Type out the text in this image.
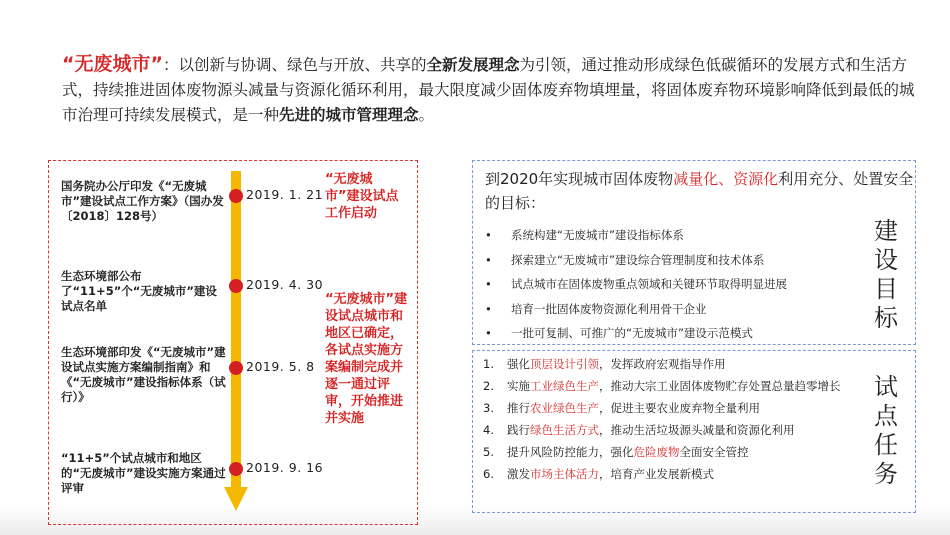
“无废城市”：以创新与协调、绿色与开放、共享的全新发展理念为引领，通过推动形成绿色低碳循环的发展方式和生活方式，持续推进固体废物源头减量与资源化循环利用，最大限度减少固体废弃物填埋量，将固体废弃物环境影响降低到最低的城市治理可持续发展模式，是一种先进的城市管理理念。
国务院办公厅印发《“无废城市”建设试点工作方案》（国办发〔2018〕128号）
2019. 1. 21
生态环境部公布了“11+5”个“无废城市”建设试点名单
2019. 4. 30
生态环境部印发《“无废城市”建设试点实施方案编制指南》和《“无废城市”建设指标体系（试行）》
2019. 5. 8
“11+5”个试点城市和地区的“无废城市”建设实施方案通过评审
2019. 9. 16
“无废城市”建设试点工作启动
“无废城市”建设试点城市和地区已确定，各试点实施方案编制完成并逐一通过评审，开始推进并实施
到2020年实现城市固体废物减量化、资源化利用充分、处置安全的目标：
• 系统构建“无废城市”建设指标体系
• 探索建立“无废城市”建设综合管理制度和技术体系
• 试点城市在固体废物重点领域和关键环节取得明显进展
• 培育一批固体废物资源化利用骨干企业
• 一批可复制、可推广的“无废城市”建设示范模式
建
设
目
标
1. 强化顶层设计引领，发挥政府宏观指导作用
2. 实施工业绿色生产，推动大宗工业固体废物贮存处置总量趋零增长
3. 推行农业绿色生产，促进主要农业废弃物全量利用
4. 践行绿色生活方式，推动生活垃圾源头减量和资源化利用
5. 提升风险防控能力，强化危险废物全面安全管控
6. 激发市场主体活力，培育产业发展新模式
试
点
任
务
